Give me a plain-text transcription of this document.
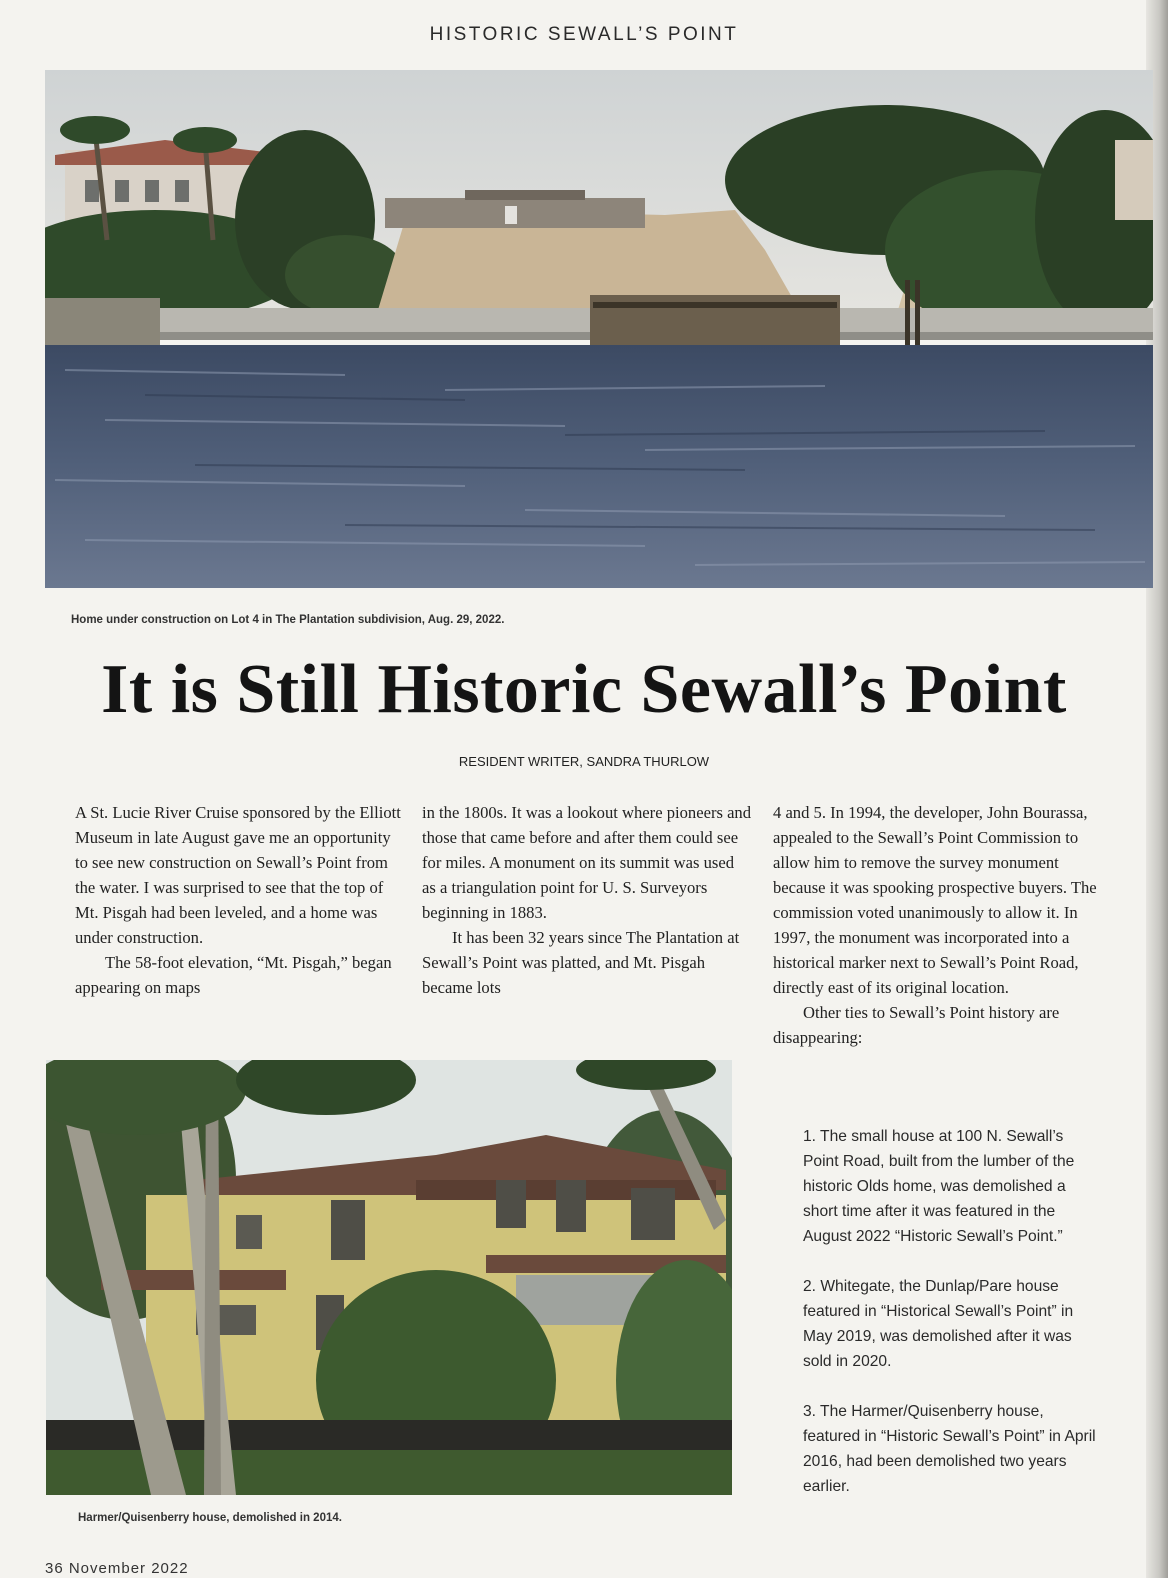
HISTORIC SEWALL’S POINT
Home under construction on Lot 4 in The Plantation subdivision, Aug. 29, 2022.
It is Still Historic Sewall’s Point
RESIDENT WRITER, SANDRA THURLOW

A St. Lucie River Cruise sponsored by the Elliott Museum in late August gave me an opportunity to see new construction on Sewall’s Point from the water. I was surprised to see that the top of Mt. Pisgah had been leveled, and a home was under construction.

The 58-foot elevation, “Mt. Pisgah,” began appearing on maps

in the 1800s. It was a lookout where pioneers and those that came before and after them could see for miles. A monument on its summit was used as a triangulation point for U. S. Surveyors beginning in 1883.

It has been 32 years since The Plantation at Sewall’s Point was platted, and Mt. Pisgah became lots

4 and 5. In 1994, the developer, John Bourassa, appealed to the Sewall’s Point Commission to allow him to remove the survey monument because it was spooking prospective buyers. The commission voted unanimously to allow it. In 1997, the monument was incorporated into a historical marker next to Sewall’s Point Road, directly east of its original location.

Other ties to Sewall’s Point history are disappearing:

1. The small house at 100 N. Sewall’s Point Road, built from the lumber of the historic Olds home, was demolished a short time after it was featured in the August 2022 “Historic Sewall’s Point.”
2. Whitegate, the Dunlap/Pare house featured in “Historical Sewall’s Point” in May 2019, was demolished after it was sold in 2020.
3. The Harmer/Quisenberry house, featured in “Historic Sewall’s Point” in April 2016, had been demolished two years earlier.
Harmer/Quisenberry house, demolished in 2014.
36 November 2022
